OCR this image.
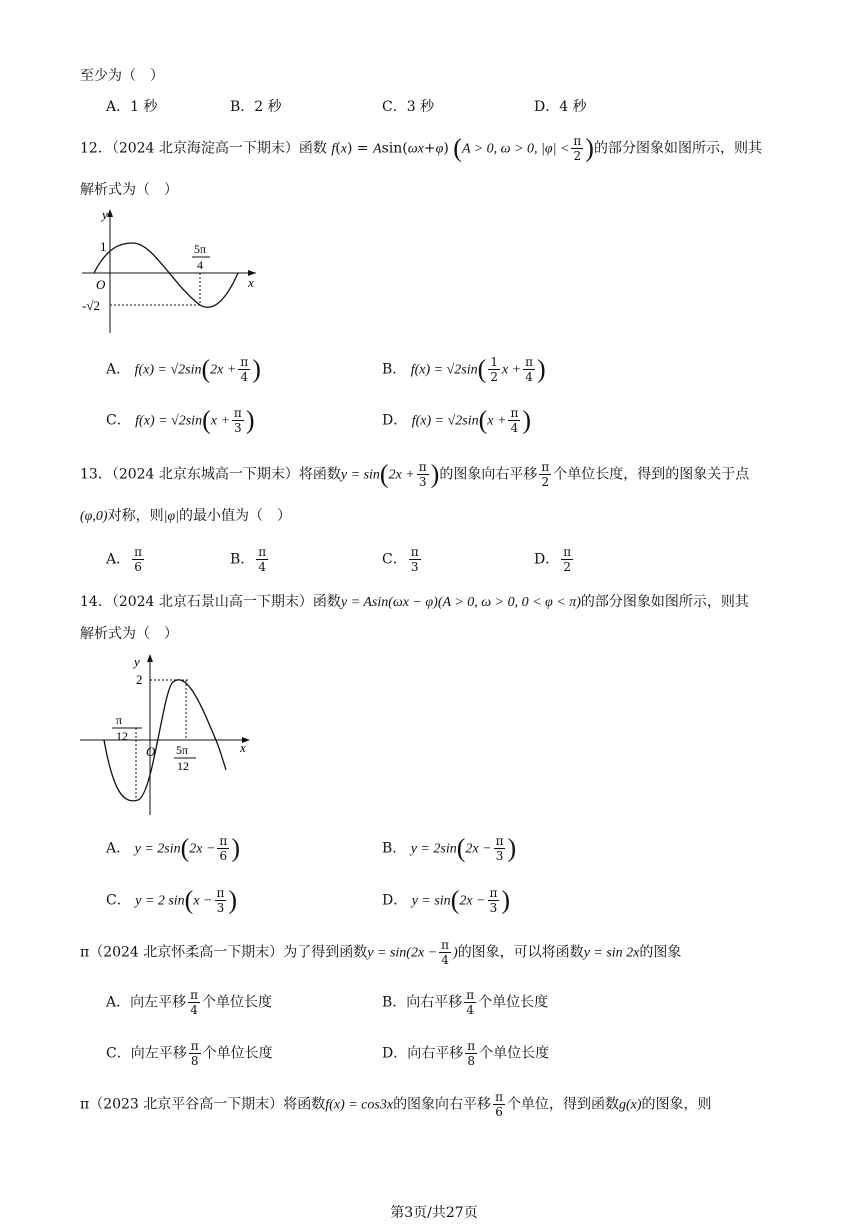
至少为（　）
A．1 秒	B．2 秒	C．3 秒	D．4 秒
12．（2024 北京海淀高一下期末）函数 f(x) = Asin(ωx+φ) (A > 0, ω > 0, $|\varphi| < \frac{\pi}{2}$ )的部分图象如图所示，则其
解析式为（　）
y
x
O
1
-√2
5π
4
A． $f(x) = √2\sin(2x + \frac{\pi}{4}$ )	B． $f(x) = √2\sin( \frac{1}{2}$ $x + \frac{\pi}{4}$ )
C． $f(x) = √2\sin(x + \frac{\pi}{3}$ )	D． $f(x) = √2\sin(x + \frac{\pi}{4}$ )
13．（2024 北京东城高一下期末）将函数$y = \sin(2x + \frac{\pi}{3}$ )的图象向右平移 $\frac{\pi}{2}$ 个单位长度，得到的图象关于点
(φ,0)对称，则|φ|的最小值为（　）
A． $\frac{\pi}{6}$	B． $\frac{\pi}{4}$	C． $\frac{\pi}{3}$	D． $\frac{\pi}{2}$
14．（2024 北京石景山高一下期末）函数y = Asin(ωx − φ)(A > 0, ω > 0, 0 < φ < π)的部分图象如图所示，则其
解析式为（　）
y
x
O
2
π
12
5π
12
A． $y = 2\sin(2x - \frac{\pi}{6}$ )	B． $y = 2\sin(2x - \frac{\pi}{3}$ )
C． y = 2 $\sin(x - \frac{\pi}{3}$ )	D． $y = \sin(2x - \frac{\pi}{3}$ )
π（2024 北京怀柔高一下期末）为了得到函数$y = \sin(2x - \frac{\pi}{4}$ )的图象，可以将函数y = sin 2x的图象
A．向左平移 $\frac{\pi}{4}$ 个单位长度	B．向右平移 $\frac{\pi}{4}$ 个单位长度
C．向左平移 $\frac{\pi}{8}$ 个单位长度	D．向右平移 $\frac{\pi}{8}$ 个单位长度
π（2023 北京平谷高一下期末）将函数f(x) = cos3x的图象向右平移 $\frac{\pi}{6}$ 个单位，得到函数g(x)的图象，则
第3页/共27页
